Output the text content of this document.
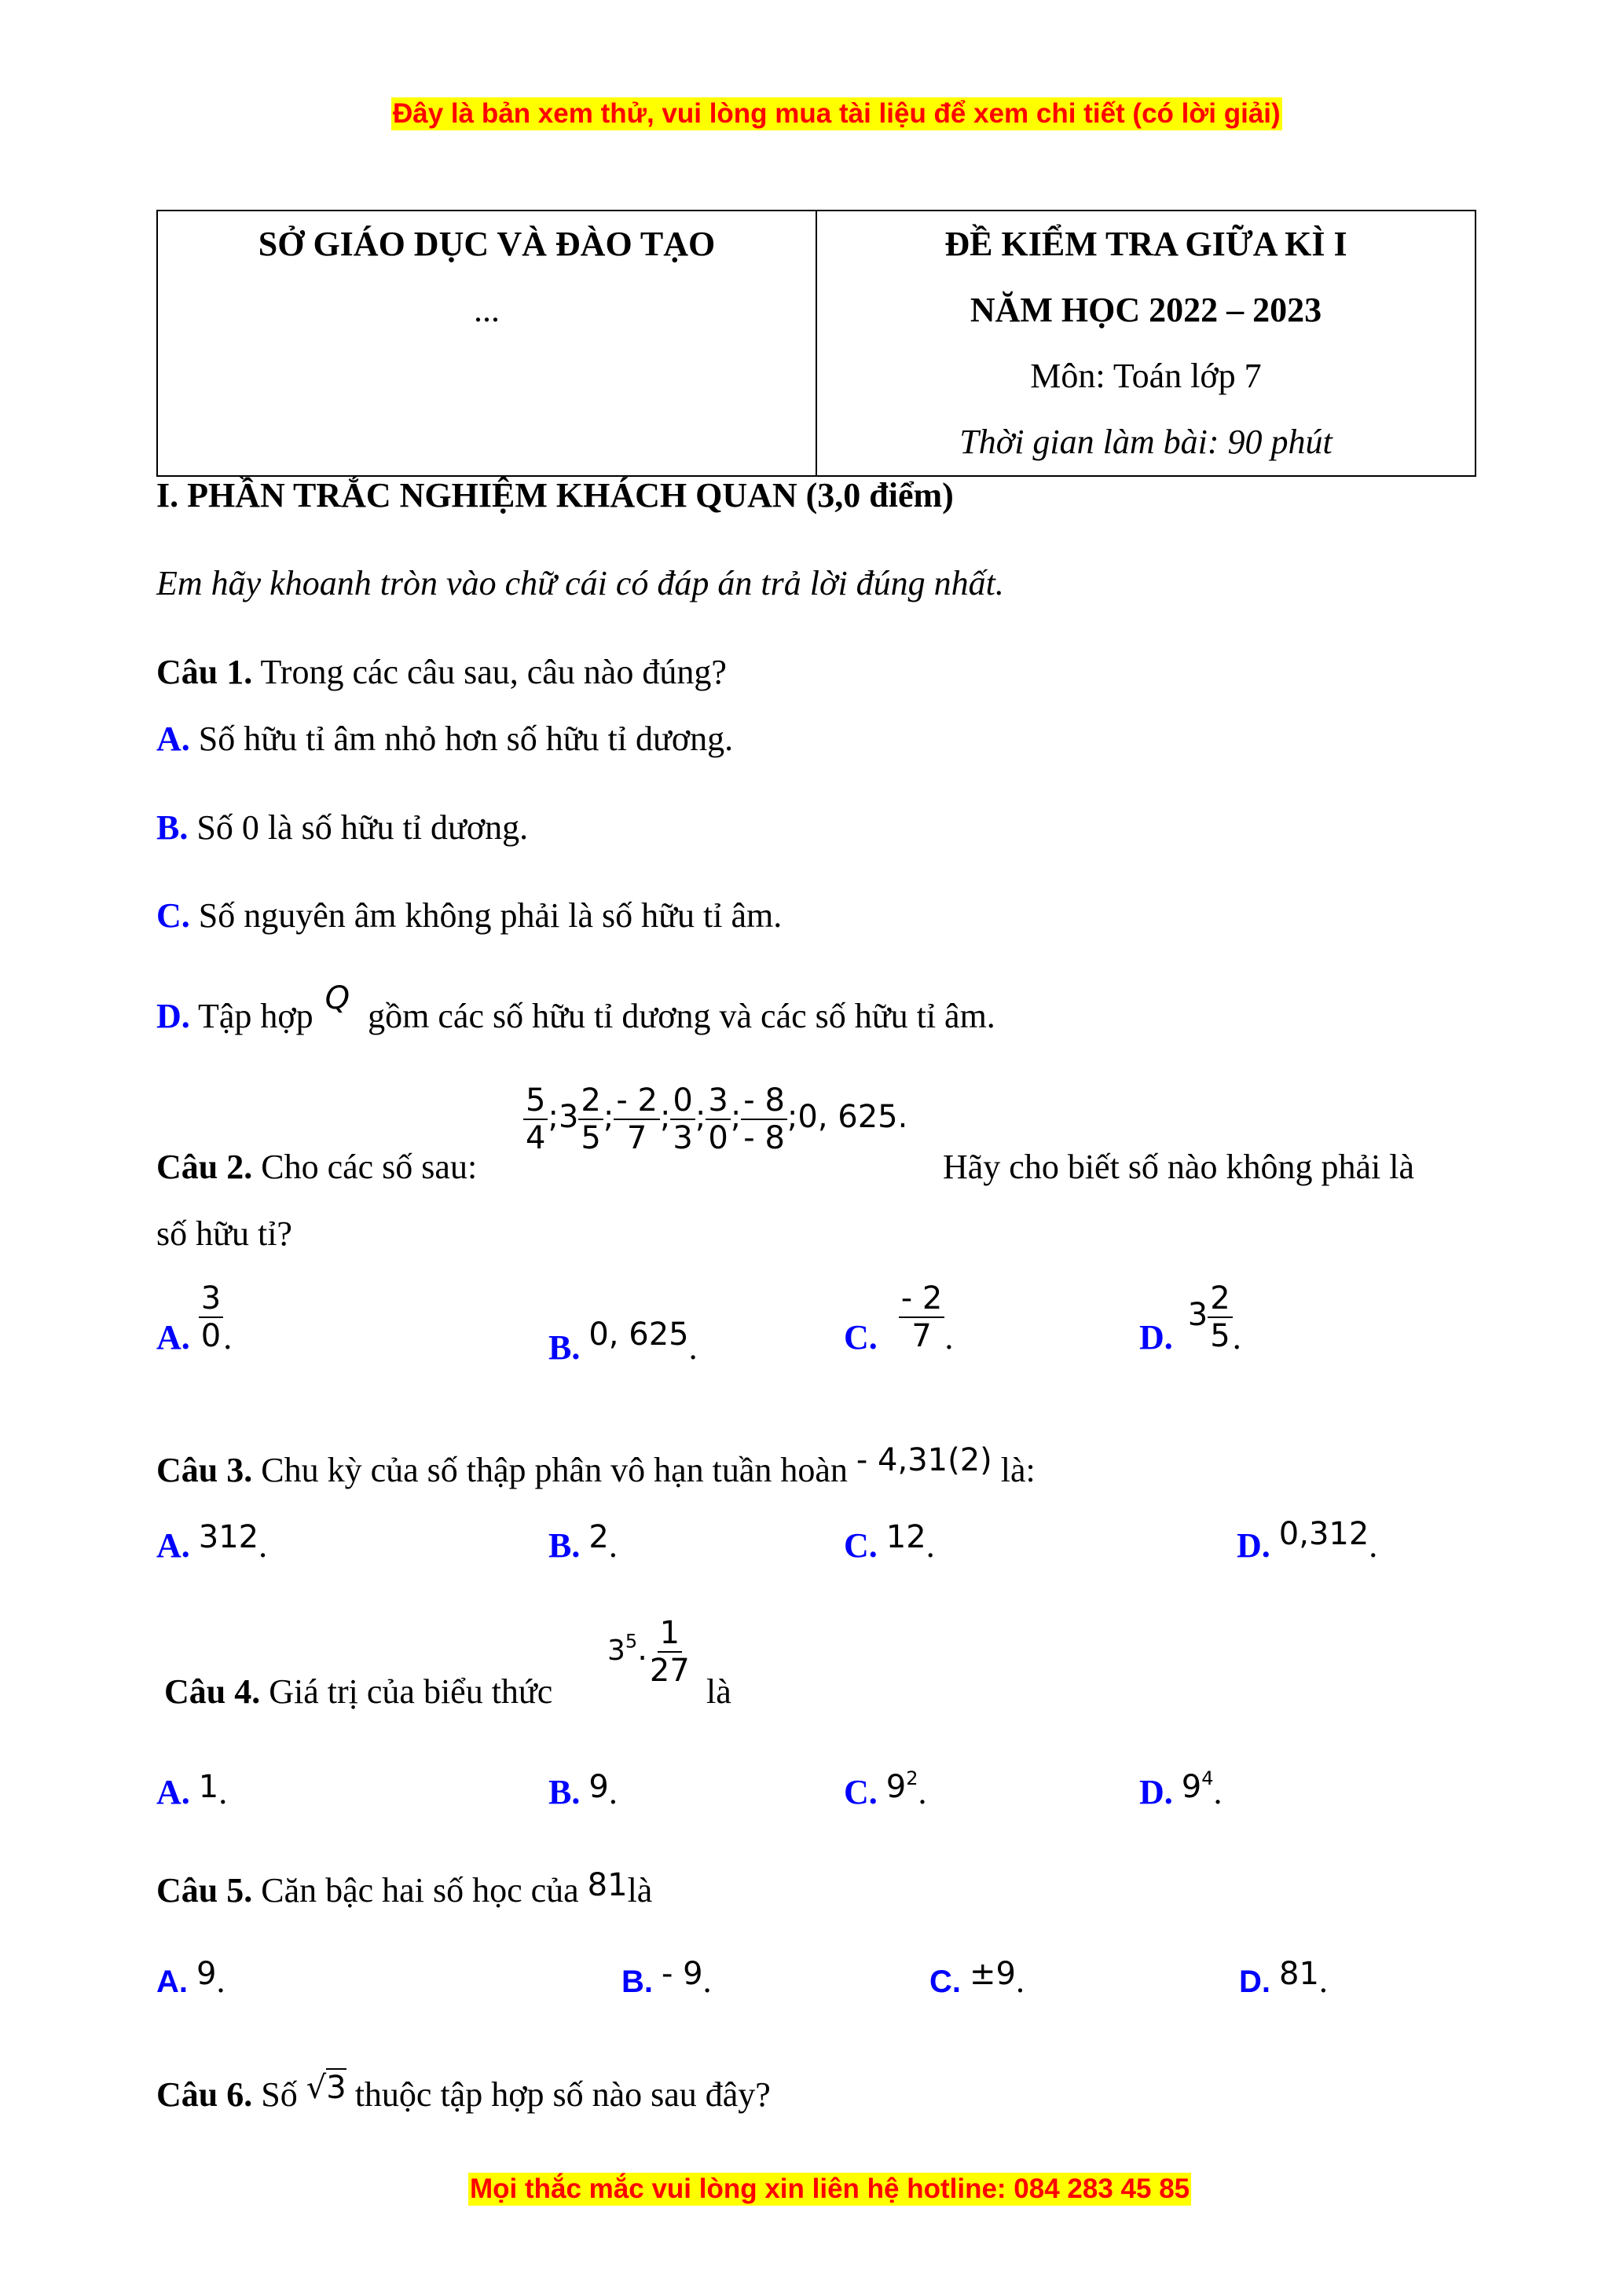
Đây là bản xem thử, vui lòng mua tài liệu để xem chi tiết (có lời giải)
SỞ GIÁO DỤC VÀ ĐÀO TẠO
...

ĐỀ KIỂM TRA GIỮA KÌ I
NĂM HỌC 2022 – 2023
Môn: Toán lớp 7
Thời gian làm bài: 90 phút
I. PHẦN TRẮC NGHIỆM KHÁCH QUAN (3,0 điểm)
Em hãy khoanh tròn vào chữ cái có đáp án trả lời đúng nhất.
Câu 1. Trong các câu sau, câu nào đúng?
A. Số hữu tỉ âm nhỏ hơn số hữu tỉ dương.
B. Số 0 là số hữu tỉ dương.
C. Số nguyên âm không phải là số hữu tỉ âm.
D. Tập hợp Q gồm các số hữu tỉ dương và các số hữu tỉ âm.
Câu 2. Cho các số sau:
$\frac{5}{4}$ ;3 $\frac{2}{5}$ ; $\frac{- 2}{7}$ ; $\frac{0}{3}$ ; $\frac{3}{0}$ ; $\frac{- 8}{- 8}$ ;0, 625.
Hãy cho biết số nào không phải là
số hữu tỉ?
A. $\frac{3}{0}$ .	B. 0, 625.	C. $\frac{- 2}{7}$ .	D. $3 \frac{2}{5}$ .
Câu 3. Chu kỳ của số thập phân vô hạn tuần hoàn - 4,31(2) là:
A. 312.	B. 2.	C. 12.	D. 0,312.
Câu 4. Giá trị của biểu thức
$3^5$. $\frac{1}{27}$
là
A. 1.	B. 9.	C. $9^2$.	D. $9^4$.
Câu 5. Căn bậc hai số học của 81là
A. 9.	B. - 9.	C. ±9.	D. 81.
Câu 6. Số √3 thuộc tập hợp số nào sau đây?
Mọi thắc mắc vui lòng xin liên hệ hotline: 084 283 45 85
